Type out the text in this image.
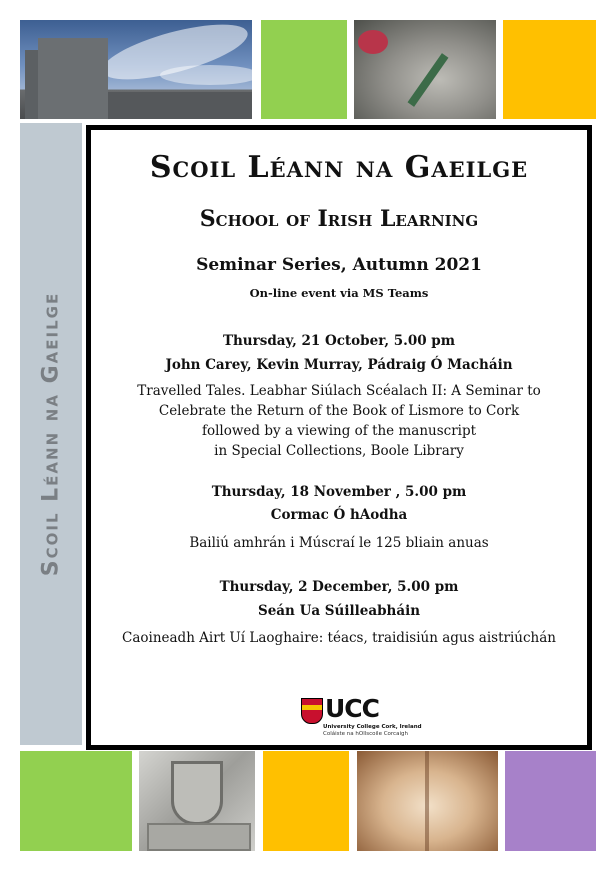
Scoil Léann na Gaeilge
Scoil Léann na Gaeilge
School of Irish Learning
Seminar Series, Autumn 2021
On-line event via MS Teams
Thursday, 21 October, 5.00 pm
John Carey, Kevin Murray, Pádraig Ó Macháin
Travelled Tales. Leabhar Siúlach Scéalach II: A Seminar to
Celebrate the Return of the Book of Lismore to Cork
followed by a viewing of the manuscript
in Special Collections, Boole Library
Thursday, 18 November , 5.00 pm
Cormac Ó hAodha
Bailiú amhrán i Múscraí le 125 bliain anuas
Thursday, 2 December, 5.00 pm
Seán Ua Súilleabháin
Caoineadh Airt Uí Laoghaire: téacs, traidisiún agus aistriúchán
UCC
University College Cork, Ireland
Coláiste na hOllscoile Corcaigh
